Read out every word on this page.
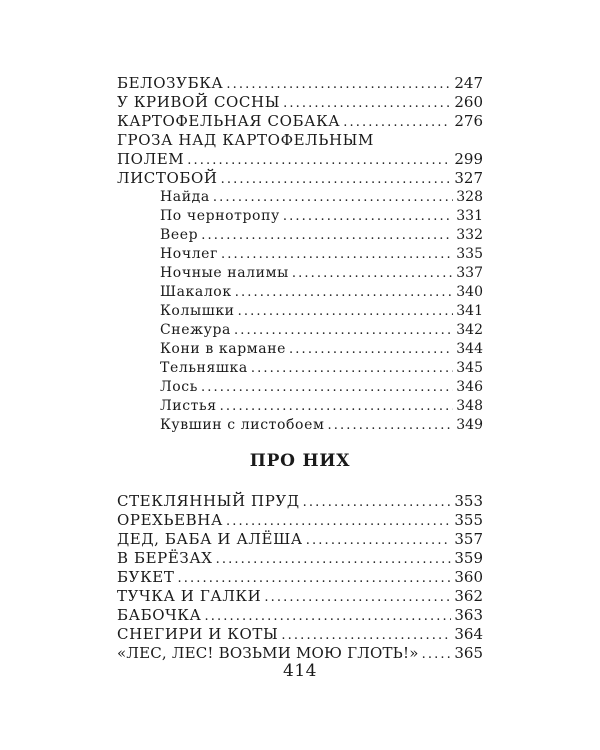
БЕЛОЗУБКА . . .	247
У КРИВОЙ СОСНЫ . . .	260
КАРТОФЕЛЬНАЯ СОБАКА . . .	276
ГРОЗА НАД КАРТОФЕЛЬНЫМ
ПОЛЕМ . . .	299
ЛИСТОБОЙ . . .	327
Найда . . .	328
По чернотропу . . .	331
Веер . . .	332
Ночлег . . .	335
Ночные налимы . . .	337
Шакалок . . .	340
Колышки . . .	341
Снежура . . .	342
Кони в кармане . . .	344
Тельняшка . . .	345
Лось . . .	346
Листья . . .	348
Кувшин с листобоем . . .	349
ПРО НИХ
СТЕКЛЯННЫЙ ПРУД . . .	353
ОРЕХЬЕВНА . . .	355
ДЕД, БАБА И АЛЁША . . .	357
В БЕРЁЗАХ . . .	359
БУКЕТ . . .	360
ТУЧКА И ГАЛКИ . . .	362
БАБОЧКА . . .	363
СНЕГИРИ И КОТЫ . . .	364
«ЛЕС, ЛЕС! ВОЗЬМИ МОЮ ГЛОТЬ!» . . . 365
414
